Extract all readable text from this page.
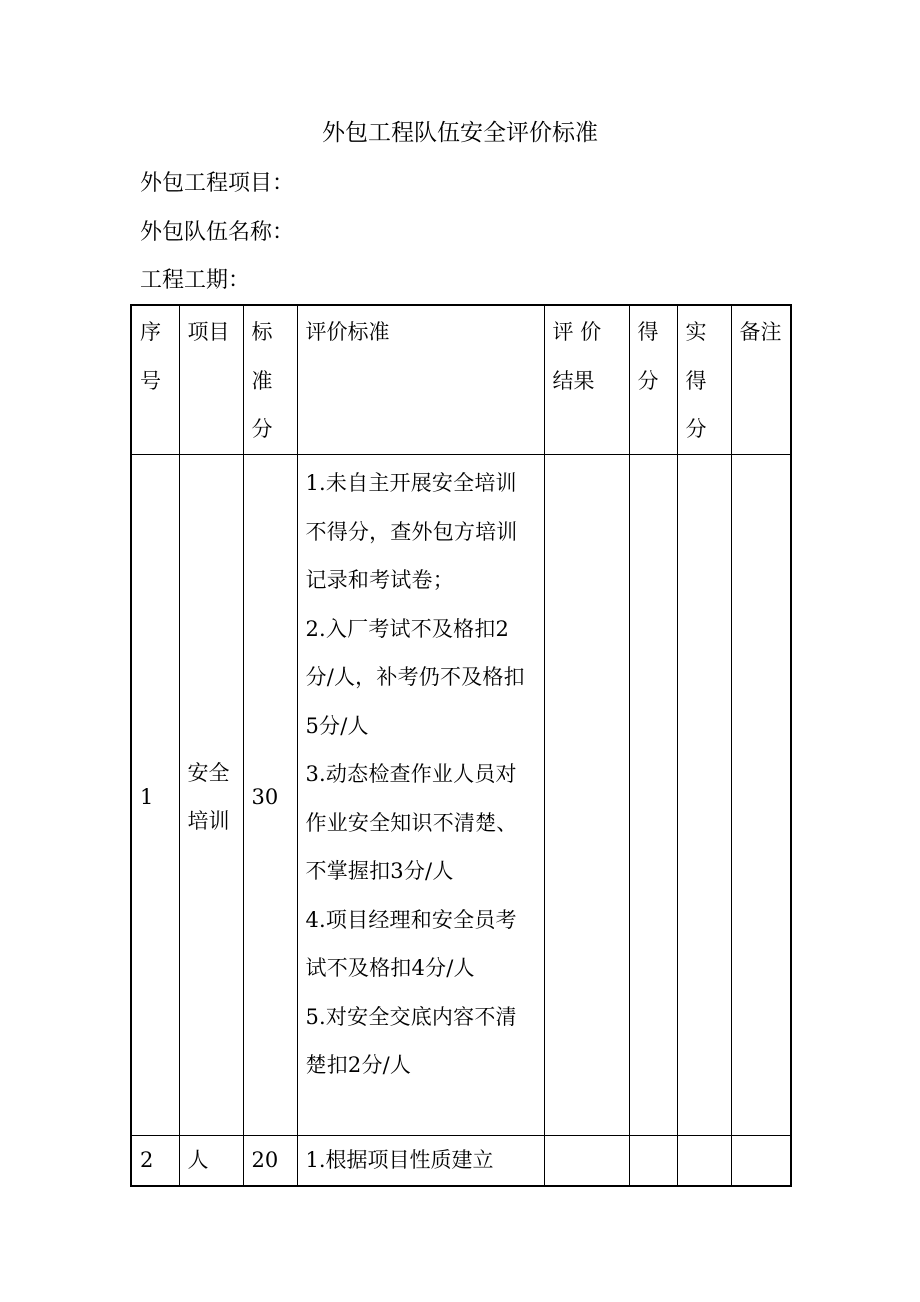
外包工程队伍安全评价标准
外包工程项目：
外包队伍名称：
工程工期：
序号	项目	标准分	评价标准	评 价结果	得分	实得分	备注
1	安全培训	30	1.未自主开展安全培训不得分，查外包方培训记录和考试卷；
2.入厂考试不及格扣2分/人，补考仍不及格扣5分/人
3.动态检查作业人员对作业安全知识不清楚、不掌握扣3分/人
4.项目经理和安全员考试不及格扣4分/人
5.对安全交底内容不清楚扣2分/人				

2	人	20	1.根据项目性质建立				
